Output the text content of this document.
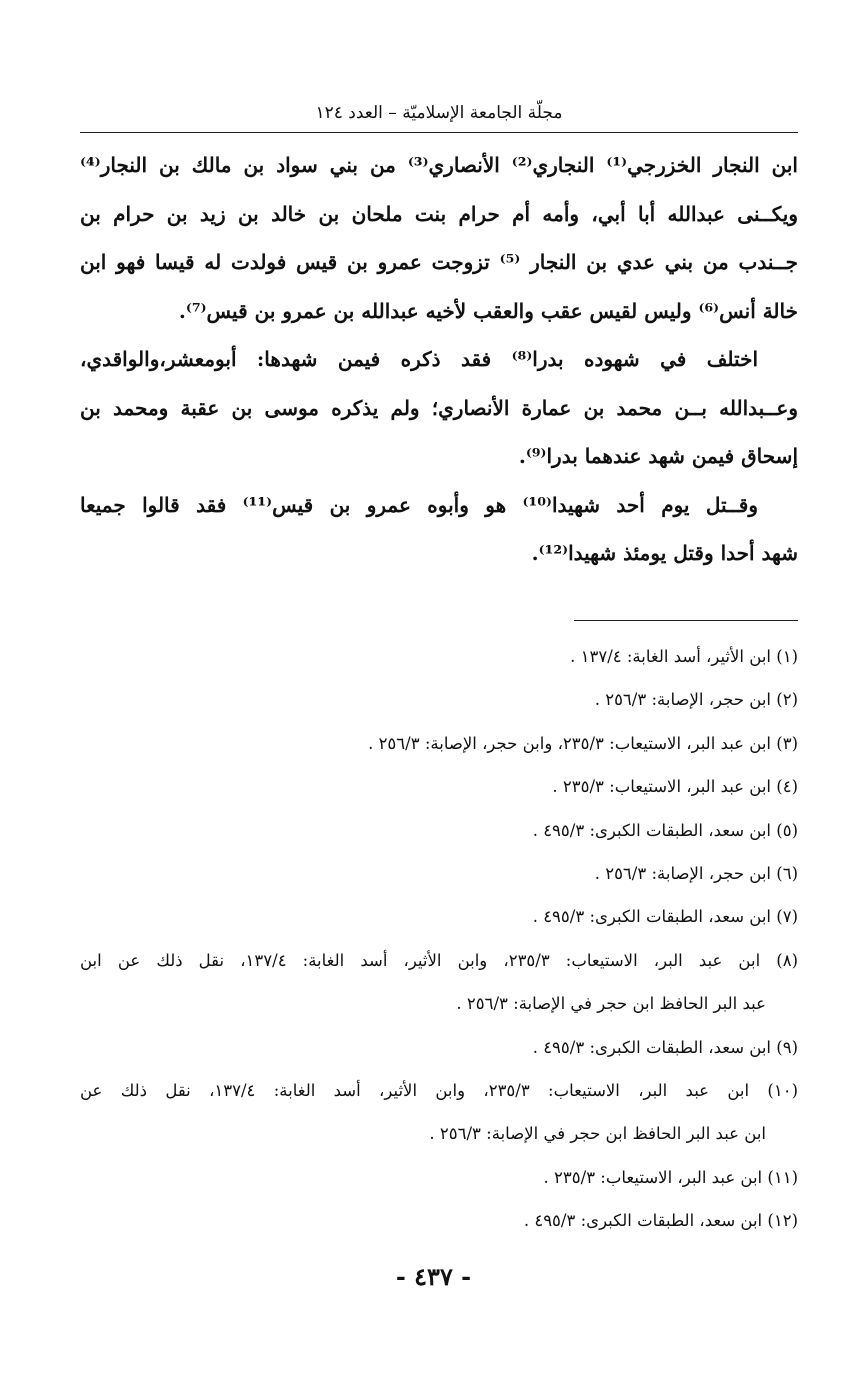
مجلّة الجامعة الإسلاميّة – العدد ١٢٤
ابن النجار الخزرجي⁽¹⁾ النجاري⁽²⁾ الأنصاري⁽³⁾ من بني سواد بن مالك بن النجار⁽⁴⁾
ويكــنى عبدالله أبا أبي، وأمه أم حرام بنت ملحان بن خالد بن زيد بن حرام بن
جــندب من بني عدي بن النجار ⁽⁵⁾ تزوجت عمرو بن قيس فولدت له قيسا فهو ابن
خالة أنس⁽⁶⁾ وليس لقيس عقب والعقب لأخيه عبدالله بن عمرو بن قيس⁽⁷⁾.
اختلف في شهوده بدرا⁽⁸⁾ فقد ذكره فيمن شهدها: أبومعشر،والواقدي،
وعــبدالله بــن محمد بن عمارة الأنصاري؛ ولم يذكره موسى بن عقبة ومحمد بن
إسحاق فيمن شهد عندهما بدرا⁽⁹⁾.
وقــتل يوم أحد شهيدا⁽¹⁰⁾ هو وأبوه عمرو بن قيس⁽¹¹⁾ فقد قالوا جميعا
شهد أحدا وقتل يومئذ شهيدا⁽¹²⁾.
(١) ابن الأثير، أسد الغابة: ١٣٧/٤ .
(٢) ابن حجر، الإصابة: ٢٥٦/٣ .
(٣) ابن عبد البر، الاستيعاب: ٢٣٥/٣، وابن حجر، الإصابة: ٢٥٦/٣ .
(٤) ابن عبد البر، الاستيعاب: ٢٣٥/٣ .
(٥) ابن سعد، الطبقات الكبرى: ٤٩٥/٣ .
(٦) ابن حجر، الإصابة: ٢٥٦/٣ .
(٧) ابن سعد، الطبقات الكبرى: ٤٩٥/٣ .
(٨) ابن عبد البر، الاستيعاب: ٢٣٥/٣، وابن الأثير، أسد الغابة: ١٣٧/٤، نقل ذلك عن ابن
عبد البر الحافظ ابن حجر في الإصابة: ٢٥٦/٣ .
(٩) ابن سعد، الطبقات الكبرى: ٤٩٥/٣ .
(١٠) ابن عبد البر، الاستيعاب: ٢٣٥/٣، وابن الأثير، أسد الغابة: ١٣٧/٤، نقل ذلك عن
ابن عبد البر الحافظ ابن حجر في الإصابة: ٢٥٦/٣ .
(١١) ابن عبد البر، الاستيعاب: ٢٣٥/٣ .
(١٢) ابن سعد، الطبقات الكبرى: ٤٩٥/٣ .
- ٤٣٧ -
